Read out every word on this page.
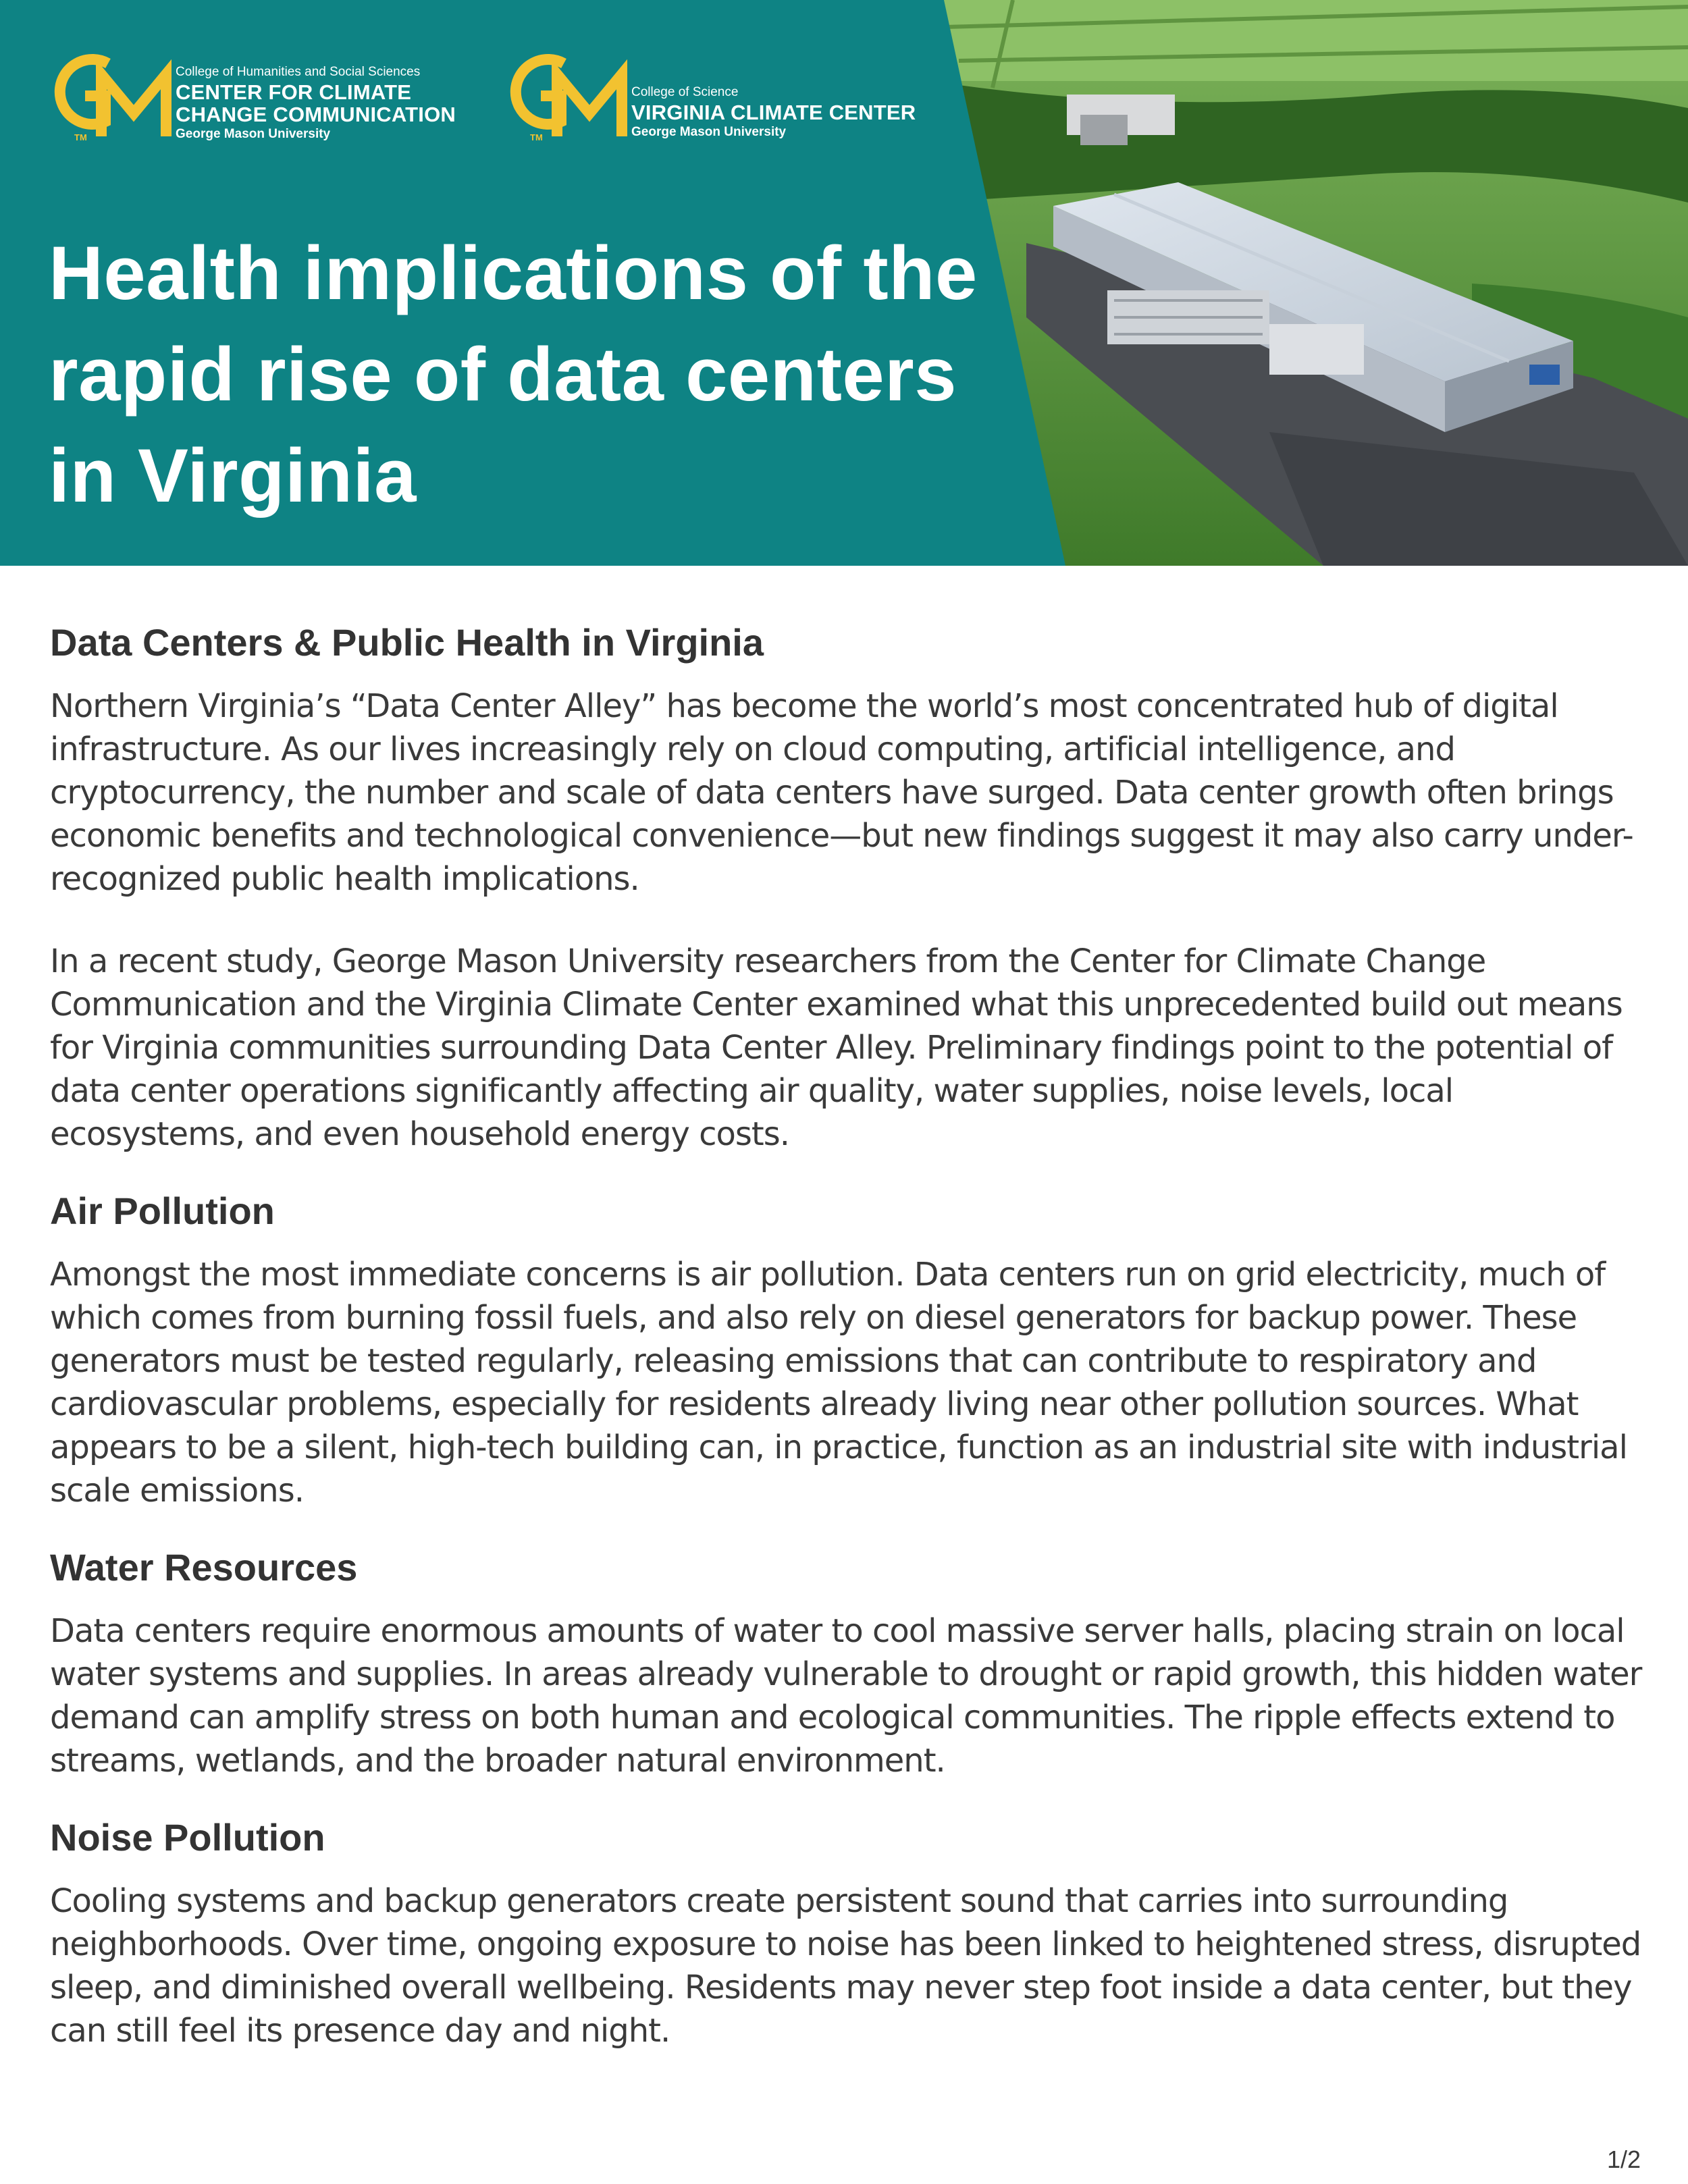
TM
College of Humanities and Social Sciences
CENTER FOR CLIMATE
CHANGE COMMUNICATION
George Mason University	TM
College of Science
VIRGINIA CLIMATE CENTER
George Mason University
Health implications of the rapid rise of data centers in Virginia
Data Centers & Public Health in Virginia

Northern Virginia’s “Data Center Alley” has become the world’s most concentrated hub of digital infrastructure. As our lives increasingly rely on cloud computing, artificial intelligence, and cryptocurrency, the number and scale of data centers have surged. Data center growth often brings economic benefits and technological convenience—but new findings suggest it may also carry under-recognized public health implications.

In a recent study, George Mason University researchers from the Center for Climate Change Communication and the Virginia Climate Center examined what this unprecedented build out means for Virginia communities surrounding Data Center Alley. Preliminary findings point to the potential of data center operations significantly affecting air quality, water supplies, noise levels, local ecosystems, and even household energy costs.

Air Pollution

Amongst the most immediate concerns is air pollution. Data centers run on grid electricity, much of which comes from burning fossil fuels, and also rely on diesel generators for backup power. These generators must be tested regularly, releasing emissions that can contribute to respiratory and cardiovascular problems, especially for residents already living near other pollution sources. What appears to be a silent, high-tech building can, in practice, function as an industrial site with industrial scale emissions.

Water Resources

Data centers require enormous amounts of water to cool massive server halls, placing strain on local water systems and supplies. In areas already vulnerable to drought or rapid growth, this hidden water demand can amplify stress on both human and ecological communities. The ripple effects extend to streams, wetlands, and the broader natural environment.

Noise Pollution

Cooling systems and backup generators create persistent sound that carries into surrounding neighborhoods. Over time, ongoing exposure to noise has been linked to heightened stress, disrupted sleep, and diminished overall wellbeing. Residents may never step foot inside a data center, but they can still feel its presence day and night.

1/2
